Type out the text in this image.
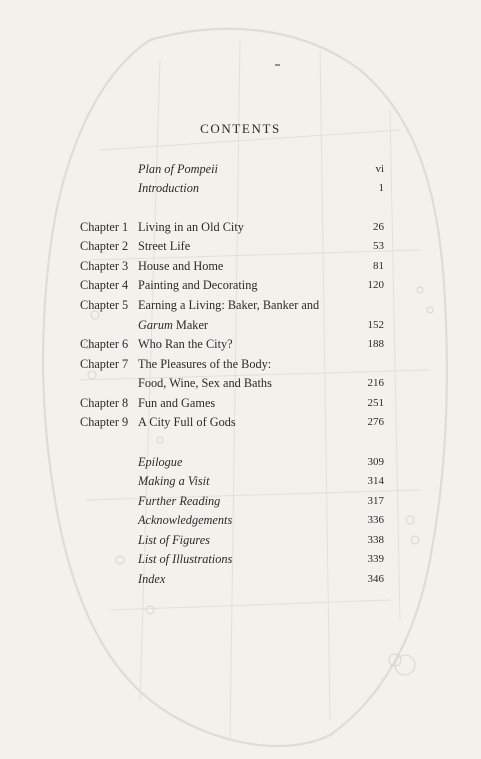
CONTENTS
Plan of Pompeii	vi
Introduction	1
Chapter 1 Living in an Old City	26
Chapter 2 Street Life	53
Chapter 3 House and Home	81
Chapter 4 Painting and Decorating	120
Chapter 5 Earning a Living: Baker, Banker and
Garum Maker	152
Chapter 6 Who Ran the City?	188
Chapter 7 The Pleasures of the Body:
Food, Wine, Sex and Baths	216
Chapter 8 Fun and Games	251
Chapter 9 A City Full of Gods	276
Epilogue	309
Making a Visit	314
Further Reading	317
Acknowledgements	336
List of Figures	338
List of Illustrations	339
Index	346
